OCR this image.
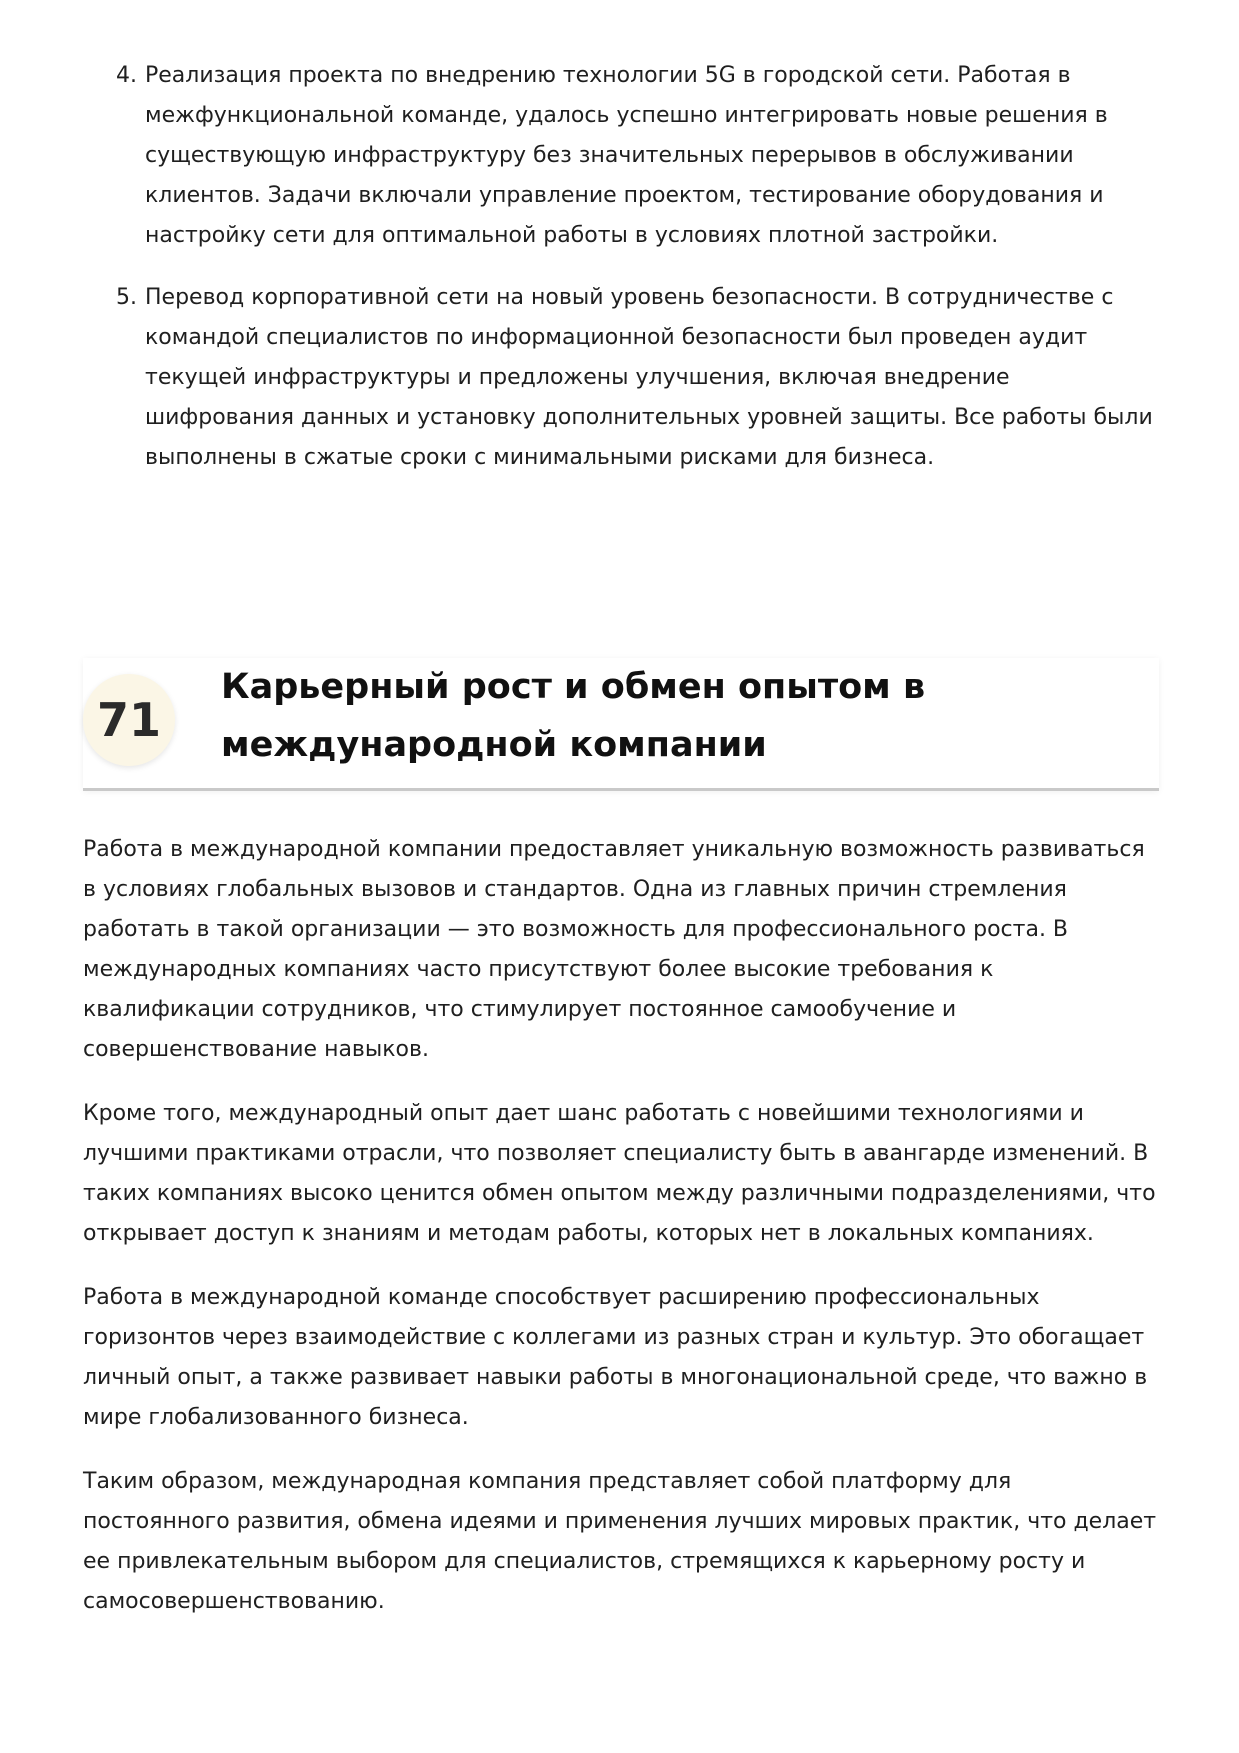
4. Реализация проекта по внедрению технологии 5G в городской сети. Работая в межфункциональной команде, удалось успешно интегрировать новые решения в существующую инфраструктуру без значительных перерывов в обслуживании клиентов. Задачи включали управление проектом, тестирование оборудования и настройку сети для оптимальной работы в условиях плотной застройки.
5. Перевод корпоративной сети на новый уровень безопасности. В сотрудничестве с командой специалистов по информационной безопасности был проведен аудит текущей инфраструктуры и предложены улучшения, включая внедрение шифрования данных и установку дополнительных уровней защиты. Все работы были выполнены в сжатые сроки с минимальными рисками для бизнеса.
71
Карьерный рост и обмен опытом в международной компании

Работа в международной компании предоставляет уникальную возможность развиваться в условиях глобальных вызовов и стандартов. Одна из главных причин стремления работать в такой организации — это возможность для профессионального роста. В международных компаниях часто присутствуют более высокие требования к квалификации сотрудников, что стимулирует постоянное самообучение и совершенствование навыков.

Кроме того, международный опыт дает шанс работать с новейшими технологиями и лучшими практиками отрасли, что позволяет специалисту быть в авангарде изменений. В таких компаниях высоко ценится обмен опытом между различными подразделениями, что открывает доступ к знаниям и методам работы, которых нет в локальных компаниях.

Работа в международной команде способствует расширению профессиональных горизонтов через взаимодействие с коллегами из разных стран и культур. Это обогащает личный опыт, а также развивает навыки работы в многонациональной среде, что важно в мире глобализованного бизнеса.

Таким образом, международная компания представляет собой платформу для постоянного развития, обмена идеями и применения лучших мировых практик, что делает ее привлекательным выбором для специалистов, стремящихся к карьерному росту и самосовершенствованию.
